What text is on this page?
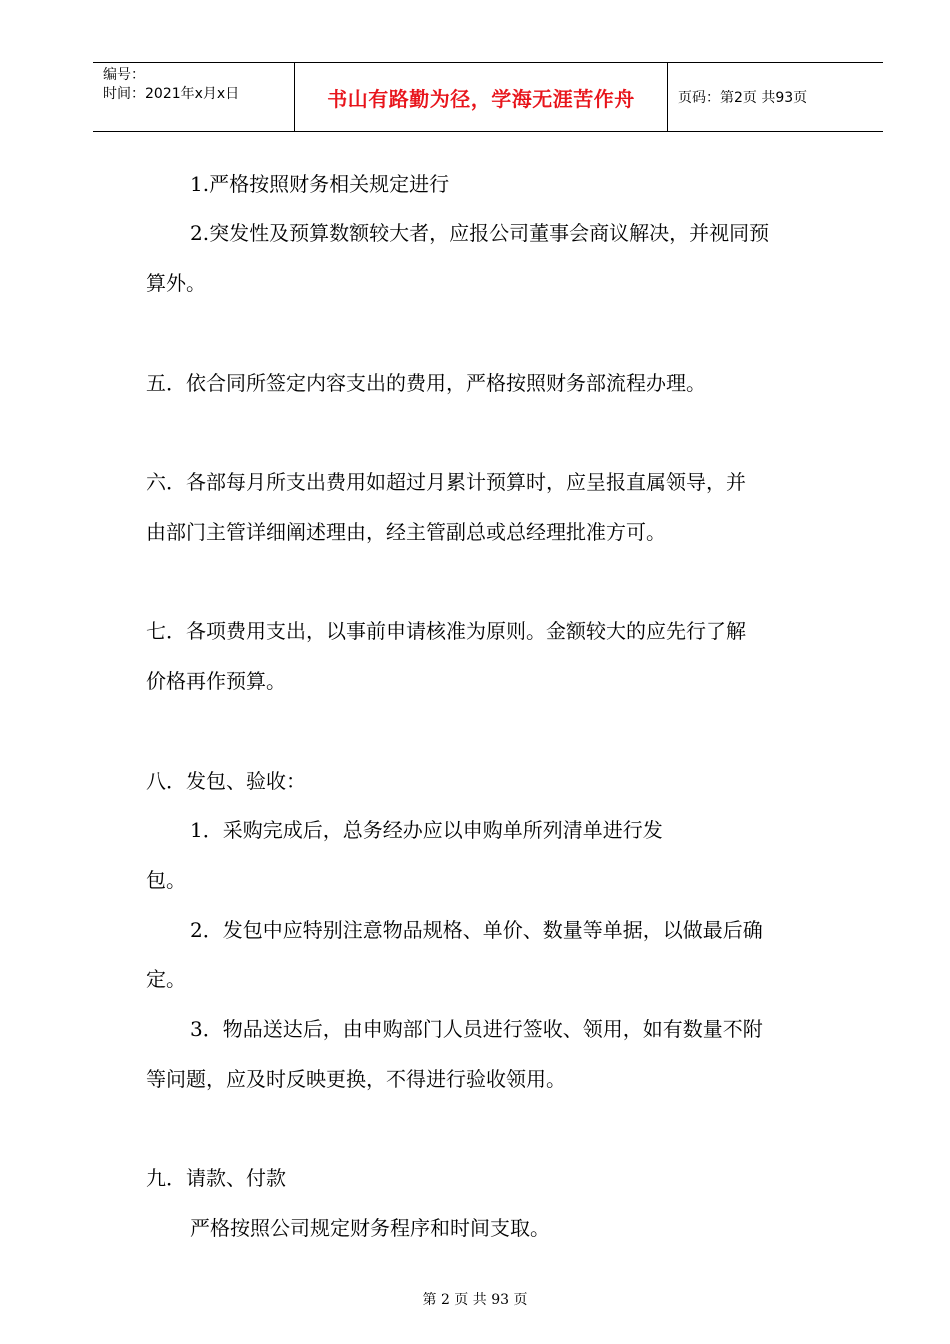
编号：
时间：2021年x月x日	书山有路勤为径，学海无涯苦作舟	页码：第2页 共93页

1.严格按照财务相关规定进行

2.突发性及预算数额较大者，应报公司董事会商议解决，并视同预

算外。

五．依合同所签定内容支出的费用，严格按照财务部流程办理。

六．各部每月所支出费用如超过月累计预算时，应呈报直属领导，并

由部门主管详细阐述理由，经主管副总或总经理批准方可。

七．各项费用支出，以事前申请核准为原则。金额较大的应先行了解

价格再作预算。

八．发包、验收：

1．采购完成后，总务经办应以申购单所列清单进行发

包。

2．发包中应特别注意物品规格、单价、数量等单据，以做最后确

定。

3．物品送达后，由申购部门人员进行签收、领用，如有数量不附

等问题，应及时反映更换，不得进行验收领用。

九．请款、付款

严格按照公司规定财务程序和时间支取。

第 2 页 共 93 页
